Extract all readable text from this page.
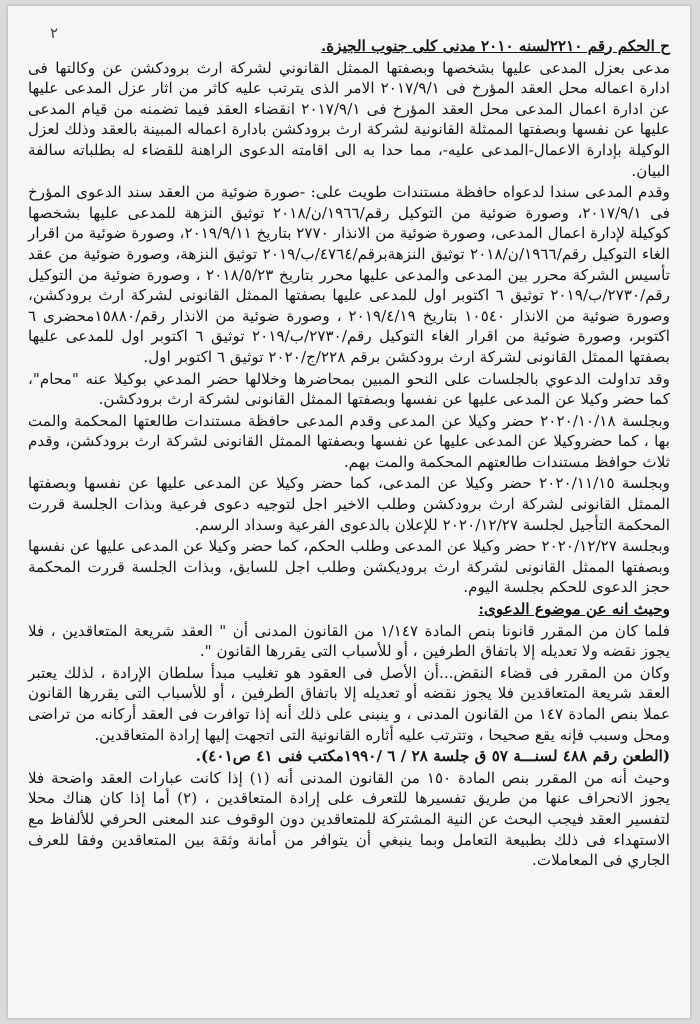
٢

ح الحكم رقم ٢٢١٠لسنه ٢٠١٠ مدنى كلى جنوب الجيزة.

مدعى بعزل المدعى عليها بشخصها وبصفتها الممثل القانوني لشركة ارث برودكشن عن وكالتها فى ادارة اعماله محل العقد المؤرخ فى ٢٠١٧/٩/١ الامر الذى يترتب عليه كاثر من اثار عزل المدعى عليها عن ادارة اعمال المدعى محل العقد المؤرخ فى ٢٠١٧/٩/١ انقضاء العقد فيما تضمنه من قيام المدعى عليها عن نفسها وبصفتها الممثلة القانونية لشركة ارث برودكشن بادارة اعماله المبينة بالعقد وذلك لعزل الوكيلة بإدارة الاعمال-المدعى عليه-، مما حدا به الى اقامته الدعوى الراهنة للقضاء له بطلباته سالفة البيان.

وقدم المدعى سندا لدعواه حافظة مستندات طويت على: -صورة ضوئية من العقد سند الدعوى المؤرخ فى ٢٠١٧/٩/١، وصورة ضوئية من التوكيل رقم/١٩٦٦/ن/٢٠١٨ توثيق النزهة للمدعى عليها بشخصها كوكيلة لإدارة اعمال المدعى، وصورة ضوئية من الانذار ٢٧٧٠ بتاريخ ٢٠١٩/٩/١١، وصورة ضوئية من اقرار الغاء التوكيل رقم/١٩٦٦/ن/٢٠١٨ توثيق النزهةبرقم/٤٧٦٤/ب/٢٠١٩ توثيق النزهة، وصورة ضوئية من عقد تأسيس الشركة محرر بين المدعى والمدعى عليها محرر بتاريخ ٢٠١٨/٥/٢٣ ، وصورة ضوئية من التوكيل رقم/٢٧٣٠/ب/٢٠١٩ توثيق ٦ اكتوبر اول للمدعى عليها بصفتها الممثل القانونى لشركة ارث برودكشن، وصورة ضوئية من الانذار ١٠٥٤٠ بتاريخ ٢٠١٩/٤/١٩ ، وصورة ضوئية من الانذار رقم/١٥٨٨٠محضرى ٦ اكتوبر، وصورة ضوئية من اقرار الغاء التوكيل رقم/٢٧٣٠/ب/٢٠١٩ توثيق ٦ اكتوبر اول للمدعى عليها بصفتها الممثل القانونى لشركة ارث برودكشن برقم ٢٢٨/ج/٢٠٢٠ توثيق ٦ اكتوبر اول.

وقد تداولت الدعوي بالجلسات على النحو المبين بمحاضرها وخلالها حضر المدعي بوكيلا عنه "محام"، كما حضر وكيلا عن المدعى عليها عن نفسها وبصفتها الممثل القانونى لشركة ارث برودكشن.

وبجلسة ٢٠٢٠/١٠/١٨ حضر وكيلا عن المدعى وقدم المدعى حافظة مستندات طالعتها المحكمة والمت بها ، كما حضروكيلا عن المدعى عليها عن نفسها وبصفتها الممثل القانونى لشركة ارث برودكشن، وقدم ثلاث حوافظ مستندات طالعتهم المحكمة والمت بهم.

وبجلسة ٢٠٢٠/١١/١٥ حضر وكيلا عن المدعى، كما حضر وكيلا عن المدعى عليها عن نفسها وبصفتها الممثل القانونى لشركة ارث برودكشن وطلب الاخير اجل لتوجيه دعوى فرعية وبذات الجلسة قررت المحكمة التأجيل لجلسة ٢٠٢٠/١٢/٢٧ للإعلان بالدعوى الفرعية وسداد الرسم.

وبجلسة ٢٠٢٠/١٢/٢٧ حضر وكيلا عن المدعى وطلب الحكم، كما حضر وكيلا عن المدعى عليها عن نفسها وبصفتها الممثل القانونى لشركة ارث بروديكشن وطلب اجل للسابق، وبذات الجلسة قررت المحكمة حجز الدعوى للحكم بجلسة اليوم.

وحيث انه عن موضوع الدعوى:

فلما كان من المقرر قانونا بنص المادة ١/١٤٧ من القانون المدنى أن " العقد شريعة المتعاقدين ، فلا يجوز نقضه ولا تعديله إلا باتفاق الطرفين ، أو للأسباب التى يقررها القانون ".

وكان من المقرر فى قضاء النقض...أن الأصل فى العقود هو تغليب مبدأ سلطان الإرادة ، لذلك يعتبر العقد شريعة المتعاقدين فلا يجوز نقضه أو تعديله إلا باتفاق الطرفين ، أو للأسباب التى يقررها القانون عملا بنص المادة ١٤٧ من القانون المدنى ، و ينبنى على ذلك أنه إذا توافرت فى العقد أركانه من تراضى ومحل وسبب فإنه يقع صحيحا ، وتترتب عليه أثاره القانونية التى اتجهت إليها إرادة المتعاقدين.

(الطعن رقم ٤٨٨ لسنـــة ٥٧ ق جلسة ٢٨ / ٦ /١٩٩٠مكتب فنى ٤١ ص٤٠١).

وحيث أنه من المقرر بنص المادة ١٥٠ من القانون المدنى أنه (١) إذا كانت عبارات العقد واضحة فلا يجوز الانحراف عنها من طريق تفسيرها للتعرف على إرادة المتعاقدين ، (٢) أما إذا كان هناك محلا لتفسير العقد فيجب البحث عن النية المشتركة للمتعاقدين دون الوقوف عند المعنى الحرفي للألفاظ مع الاستهداء فى ذلك بطبيعة التعامل وبما ينبغي أن يتوافر من أمانة وثقة بين المتعاقدين وفقا للعرف الجاري فى المعاملات.
